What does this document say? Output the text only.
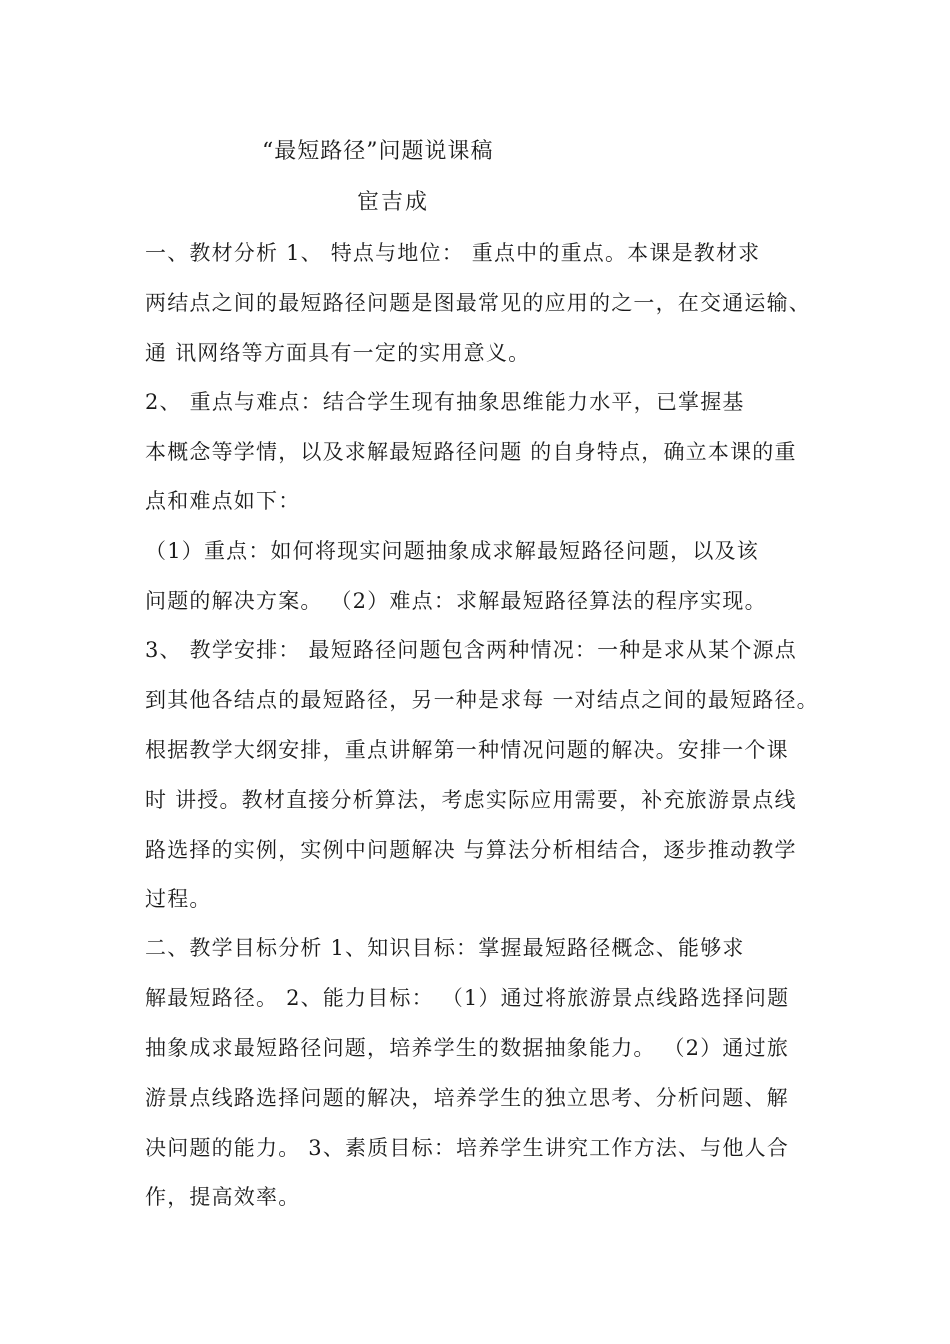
“最短路径”问题说课稿
宦吉成
一、教材分析 1、 特点与地位： 重点中的重点。本课是教材求
两结点之间的最短路径问题是图最常见的应用的之一，在交通运输、
通 讯网络等方面具有一定的实用意义。
2、 重点与难点：结合学生现有抽象思维能力水平，已掌握基
本概念等学情，以及求解最短路径问题 的自身特点，确立本课的重
点和难点如下：
（1）重点：如何将现实问题抽象成求解最短路径问题，以及该
问题的解决方案。 （2）难点：求解最短路径算法的程序实现。
3、 教学安排： 最短路径问题包含两种情况：一种是求从某个源点
到其他各结点的最短路径，另一种是求每 一对结点之间的最短路径。
根据教学大纲安排，重点讲解第一种情况问题的解决。安排一个课
时 讲授。教材直接分析算法，考虑实际应用需要，补充旅游景点线
路选择的实例，实例中问题解决 与算法分析相结合，逐步推动教学
过程。
二、教学目标分析 1、知识目标：掌握最短路径概念、能够求
解最短路径。 2、能力目标： （1）通过将旅游景点线路选择问题
抽象成求最短路径问题，培养学生的数据抽象能力。 （2）通过旅
游景点线路选择问题的解决，培养学生的独立思考、分析问题、解
决问题的能力。 3、素质目标：培养学生讲究工作方法、与他人合
作，提高效率。
